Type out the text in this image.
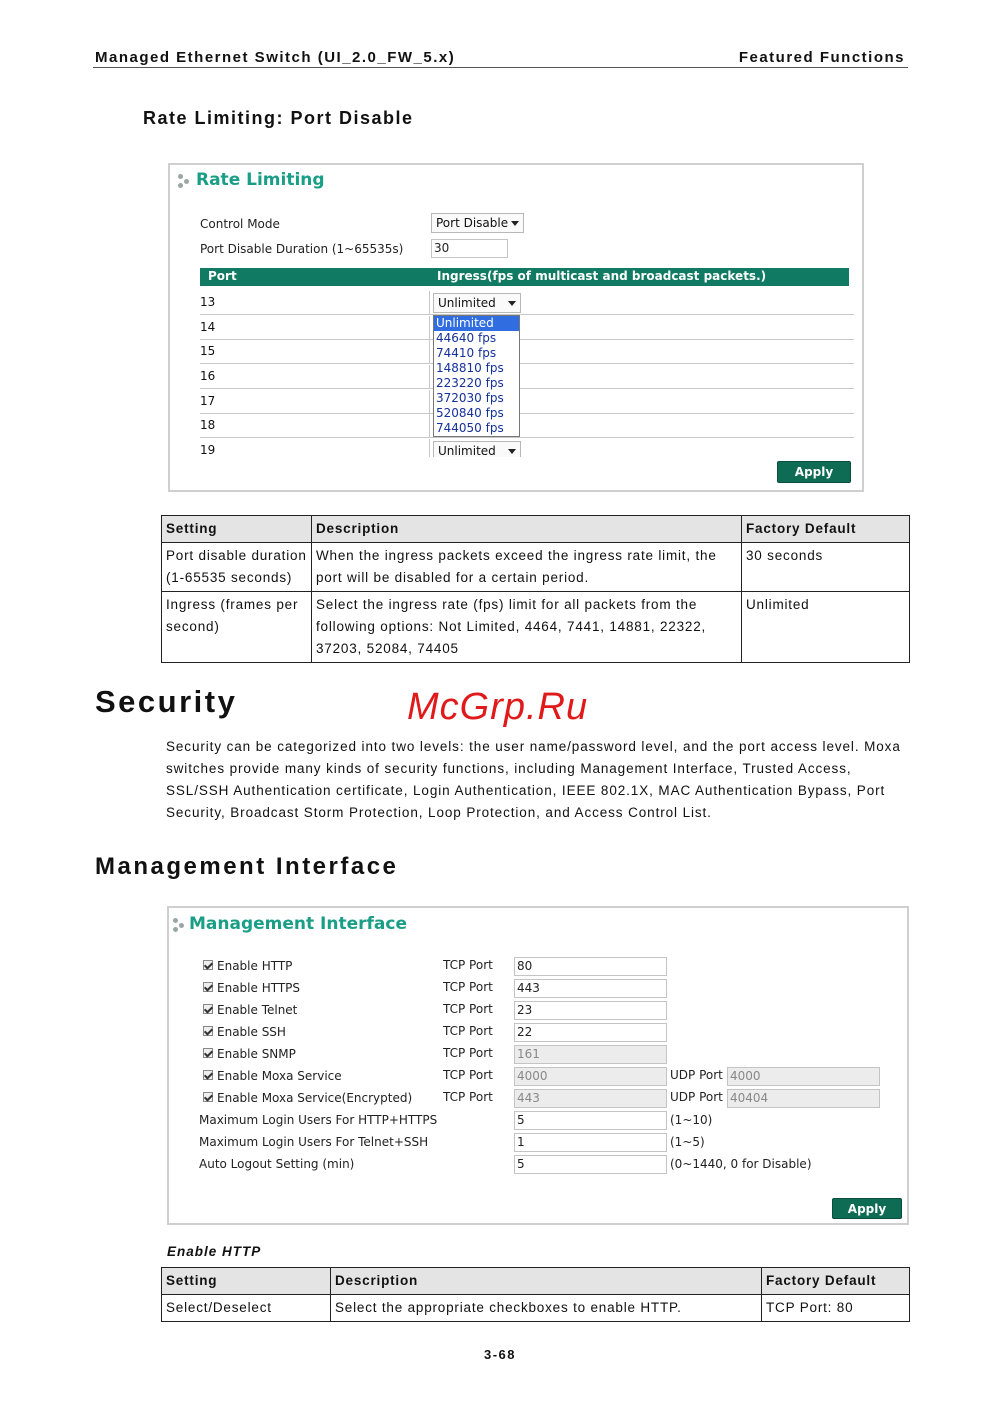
Managed Ethernet Switch (UI_2.0_FW_5.x)	Featured Functions
Rate Limiting: Port Disable
Rate Limiting
Control Mode	Port Disable
Port Disable Duration (1~65535s)	30
Port	Ingress(fps of multicast and broadcast packets.)
13	Unlimited
14
15
16
17
18
19	Unlimited
Unlimited
44640 fps
74410 fps
148810 fps
223220 fps
372030 fps
520840 fps
744050 fps
Apply
Setting	Description	Factory Default
Port disable duration (1-65535 seconds)	When the ingress packets exceed the ingress rate limit, the port will be disabled for a certain period.	30 seconds
Ingress (frames per second)	Select the ingress rate (fps) limit for all packets from the following options: Not Limited, 4464, 7441, 14881, 22322, 37203, 52084, 74405	Unlimited
Security	McGrp.Ru
Security can be categorized into two levels: the user name/password level, and the port access level. Moxa switches provide many kinds of security functions, including Management Interface, Trusted Access, SSL/SSH Authentication certificate, Login Authentication, IEEE 802.1X, MAC Authentication Bypass, Port Security, Broadcast Storm Protection, Loop Protection, and Access Control List.
Management Interface
Management Interface
Enable HTTP	TCP Port 80
Enable HTTPS	TCP Port 443
Enable Telnet	TCP Port 23
Enable SSH	TCP Port 22
Enable SNMP	TCP Port 161
Enable Moxa Service	TCP Port 4000	UDP Port 4000
Enable Moxa Service(Encrypted)	TCP Port 443	UDP Port 40404
Maximum Login Users For HTTP+HTTPS	5	(1~10)
Maximum Login Users For Telnet+SSH	1	(1~5)
Auto Logout Setting (min)	5	(0~1440, 0 for Disable)
Apply
Enable HTTP
Setting	Description	Factory Default
Select/Deselect	Select the appropriate checkboxes to enable HTTP.	TCP Port: 80
3-68
